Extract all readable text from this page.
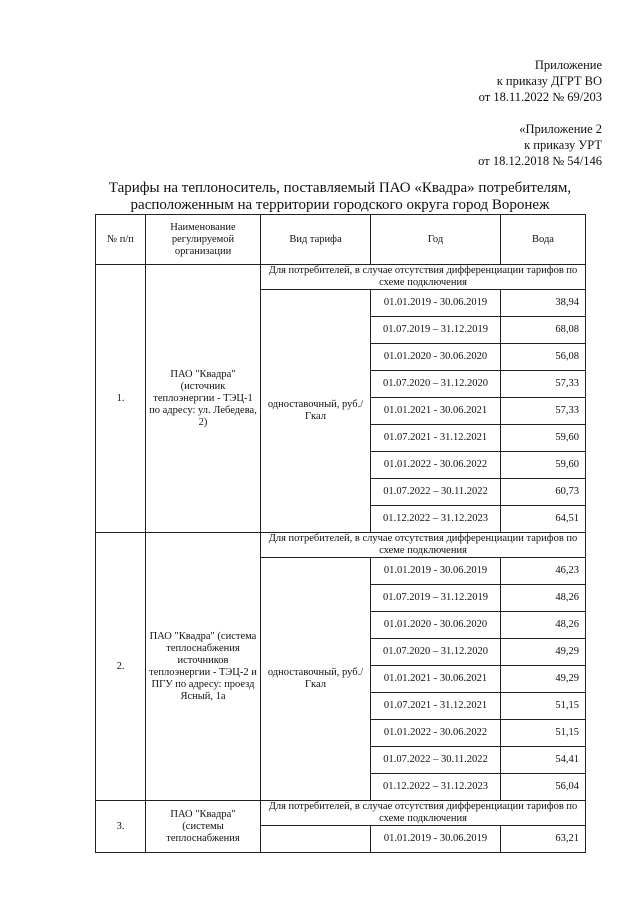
Приложение
к приказу ДГРТ ВО
от 18.11.2022 № 69/203
«Приложение 2
к приказу УРТ
от 18.12.2018 № 54/146
Тарифы на теплоноситель, поставляемый ПАО «Квадра» потребителям,
расположенным на территории городского округа город Воронеж
№ п/п	Наименование регулируемой организации	Вид тарифа	Год	Вода
1.	ПАО "Квадра" (источник теплоэнергии - ТЭЦ-1 по адресу: ул. Лебедева, 2)	Для потребителей, в случае отсутствия дифференциации тарифов по схеме подключения		
		одноставочный, руб./Гкал	01.01.2019 - 30.06.2019	38,94
			01.07.2019 – 31.12.2019	68,08
			01.01.2020 - 30.06.2020	56,08
			01.07.2020 – 31.12.2020	57,33
			01.01.2021 - 30.06.2021	57,33
			01.07.2021 - 31.12.2021	59,60
			01.01.2022 - 30.06.2022	59,60
			01.07.2022 – 30.11.2022	60,73
			01.12.2022 – 31.12.2023	64,51
2.	ПАО "Квадра" (система теплоснабжения источников теплоэнергии - ТЭЦ-2 и ПГУ по адресу: проезд Ясный, 1а	Для потребителей, в случае отсутствия дифференциации тарифов по схеме подключения		
		одноставочный, руб./Гкал	01.01.2019 - 30.06.2019	46,23
			01.07.2019 – 31.12.2019	48,26
			01.01.2020 - 30.06.2020	48,26
			01.07.2020 – 31.12.2020	49,29
			01.01.2021 - 30.06.2021	49,29
			01.07.2021 - 31.12.2021	51,15
			01.01.2022 - 30.06.2022	51,15
			01.07.2022 – 30.11.2022	54,41
			01.12.2022 – 31.12.2023	56,04
3.	ПАО "Квадра" (системы теплоснабжения	Для потребителей, в случае отсутствия дифференциации тарифов по схеме подключения		
			01.01.2019 - 30.06.2019	63,21
